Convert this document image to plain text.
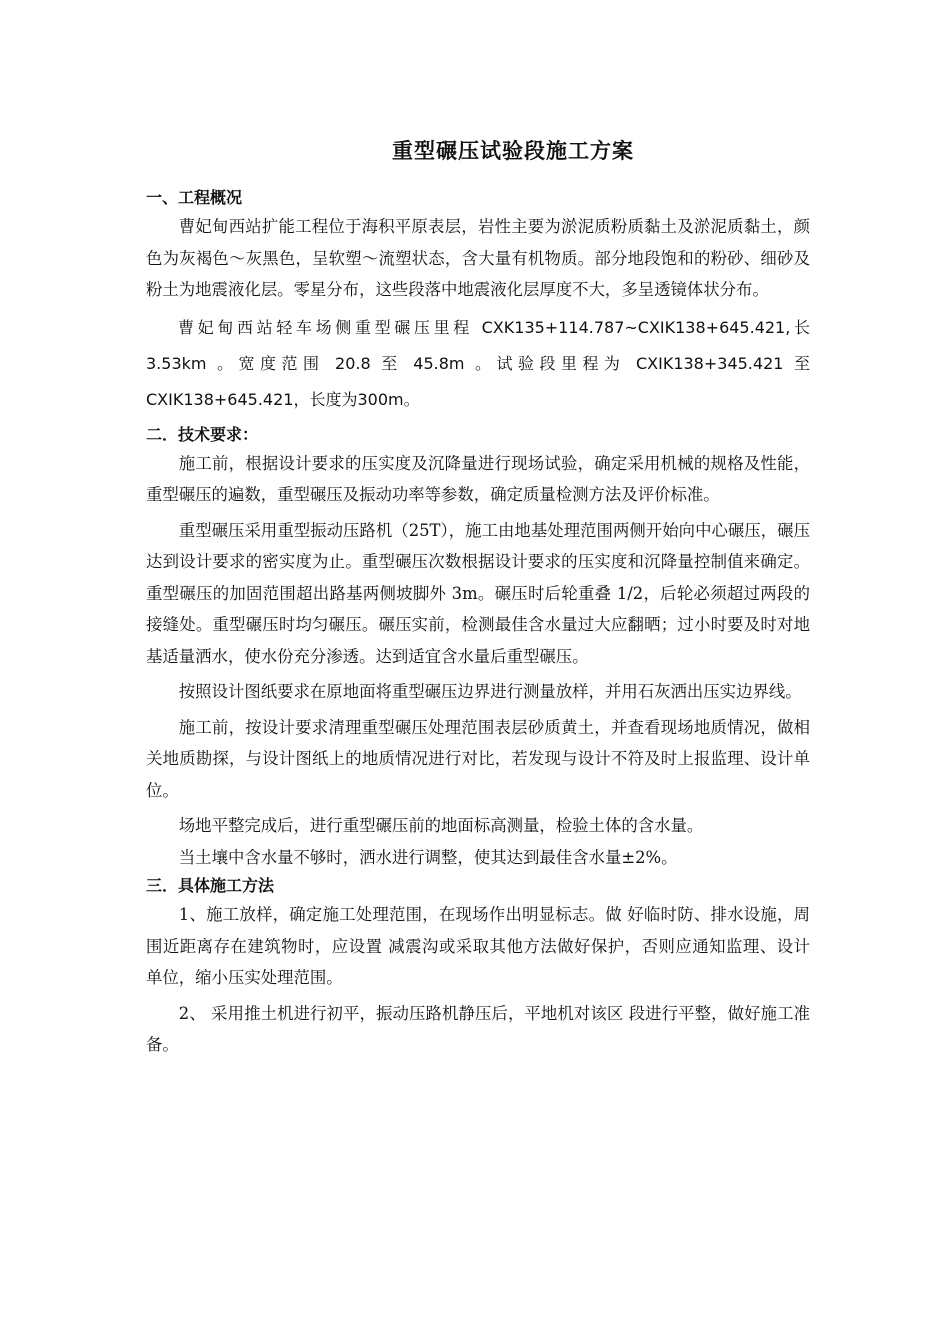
重型碾压试验段施工方案
一、工程概况

曹妃甸西站扩能工程位于海积平原表层，岩性主要为淤泥质粉质黏土及淤泥质黏土，颜色为灰褐色～灰黑色，呈软塑～流塑状态，含大量有机物质。部分地段饱和的粉砂、细砂及粉土为地震液化层。零星分布，这些段落中地震液化层厚度不大，多呈透镜体状分布。

曹妃甸西站轻车场侧重型碾压里程 CXK135+114.787~CXIK138+645.421,长 3.53km 。宽度范围 20.8 至 45.8m 。试验段里程为 CXIK138+345.421 至 CXIK138+645.421，长度为300m。

二．技术要求：

施工前，根据设计要求的压实度及沉降量进行现场试验，确定采用机械的规格及性能，重型碾压的遍数，重型碾压及振动功率等参数，确定质量检测方法及评价标准。

重型碾压采用重型振动压路机（25T），施工由地基处理范围两侧开始向中心碾压，碾压达到设计要求的密实度为止。重型碾压次数根据设计要求的压实度和沉降量控制值来确定。重型碾压的加固范围超出路基两侧坡脚外 3m。碾压时后轮重叠 1/2，后轮必须超过两段的接缝处。重型碾压时均匀碾压。碾压实前，检测最佳含水量过大应翻晒；过小时要及时对地基适量洒水，使水份充分渗透。达到适宜含水量后重型碾压。

按照设计图纸要求在原地面将重型碾压边界进行测量放样，并用石灰洒出压实边界线。

施工前，按设计要求清理重型碾压处理范围表层砂质黄土，并查看现场地质情况，做相关地质勘探，与设计图纸上的地质情况进行对比，若发现与设计不符及时上报监理、设计单位。

场地平整完成后，进行重型碾压前的地面标高测量，检验土体的含水量。

当土壤中含水量不够时，洒水进行调整，使其达到最佳含水量±2%。

三．具体施工方法

1、施工放样，确定施工处理范围，在现场作出明显标志。做 好临时防、排水设施，周围近距离存在建筑物时，应设置 减震沟或采取其他方法做好保护，否则应通知监理、设计 单位，缩小压实处理范围。

2、 采用推土机进行初平，振动压路机静压后，平地机对该区 段进行平整，做好施工准备。
